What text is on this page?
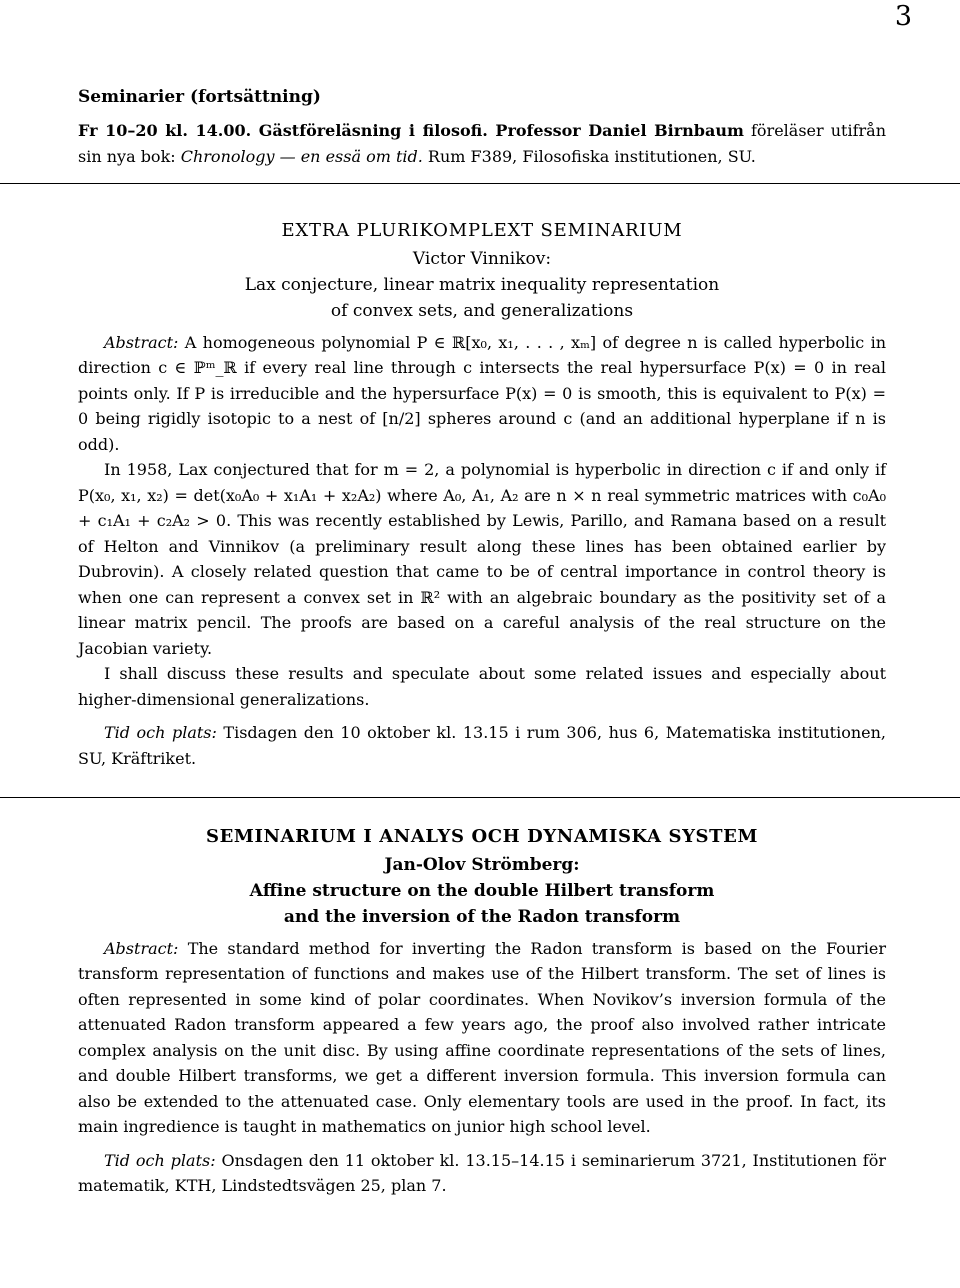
3
Seminarier (fortsättning)

Fr 10–20 kl. 14.00. Gästföreläsning i filosofi. Professor Daniel Birnbaum föreläser utifrån sin nya bok: Chronology — en essä om tid. Rum F389, Filosofiska institutionen, SU.

EXTRA PLURIKOMPLEXT SEMINARIUM
Victor Vinnikov:
Lax conjecture, linear matrix inequality representation
of convex sets, and generalizations

Abstract: A homogeneous polynomial P ∈ ℝ[x₀, x₁, . . . , xₘ] of degree n is called hyperbolic in direction c ∈ ℙᵐ_ℝ if every real line through c intersects the real hypersurface P(x) = 0 in real points only. If P is irreducible and the hypersurface P(x) = 0 is smooth, this is equivalent to P(x) = 0 being rigidly isotopic to a nest of [n/2] spheres around c (and an additional hyperplane if n is odd).

In 1958, Lax conjectured that for m = 2, a polynomial is hyperbolic in direction c if and only if P(x₀, x₁, x₂) = det(x₀A₀ + x₁A₁ + x₂A₂) where A₀, A₁, A₂ are n × n real symmetric matrices with c₀A₀ + c₁A₁ + c₂A₂ > 0. This was recently established by Lewis, Parillo, and Ramana based on a result of Helton and Vinnikov (a preliminary result along these lines has been obtained earlier by Dubrovin). A closely related question that came to be of central importance in control theory is when one can represent a convex set in ℝ² with an algebraic boundary as the positivity set of a linear matrix pencil. The proofs are based on a careful analysis of the real structure on the Jacobian variety.

I shall discuss these results and speculate about some related issues and especially about higher-dimensional generalizations.

Tid och plats: Tisdagen den 10 oktober kl. 13.15 i rum 306, hus 6, Matematiska institutionen, SU, Kräftriket.

SEMINARIUM I ANALYS OCH DYNAMISKA SYSTEM
Jan-Olov Strömberg:
Affine structure on the double Hilbert transform
and the inversion of the Radon transform

Abstract: The standard method for inverting the Radon transform is based on the Fourier transform representation of functions and makes use of the Hilbert transform. The set of lines is often represented in some kind of polar coordinates. When Novikov’s inversion formula of the attenuated Radon transform appeared a few years ago, the proof also involved rather intricate complex analysis on the unit disc. By using affine coordinate representations of the sets of lines, and double Hilbert transforms, we get a different inversion formula. This inversion formula can also be extended to the attenuated case. Only elementary tools are used in the proof. In fact, its main ingredience is taught in mathematics on junior high school level.

Tid och plats: Onsdagen den 11 oktober kl. 13.15–14.15 i seminarierum 3721, Institutionen för matematik, KTH, Lindstedtsvägen 25, plan 7.
